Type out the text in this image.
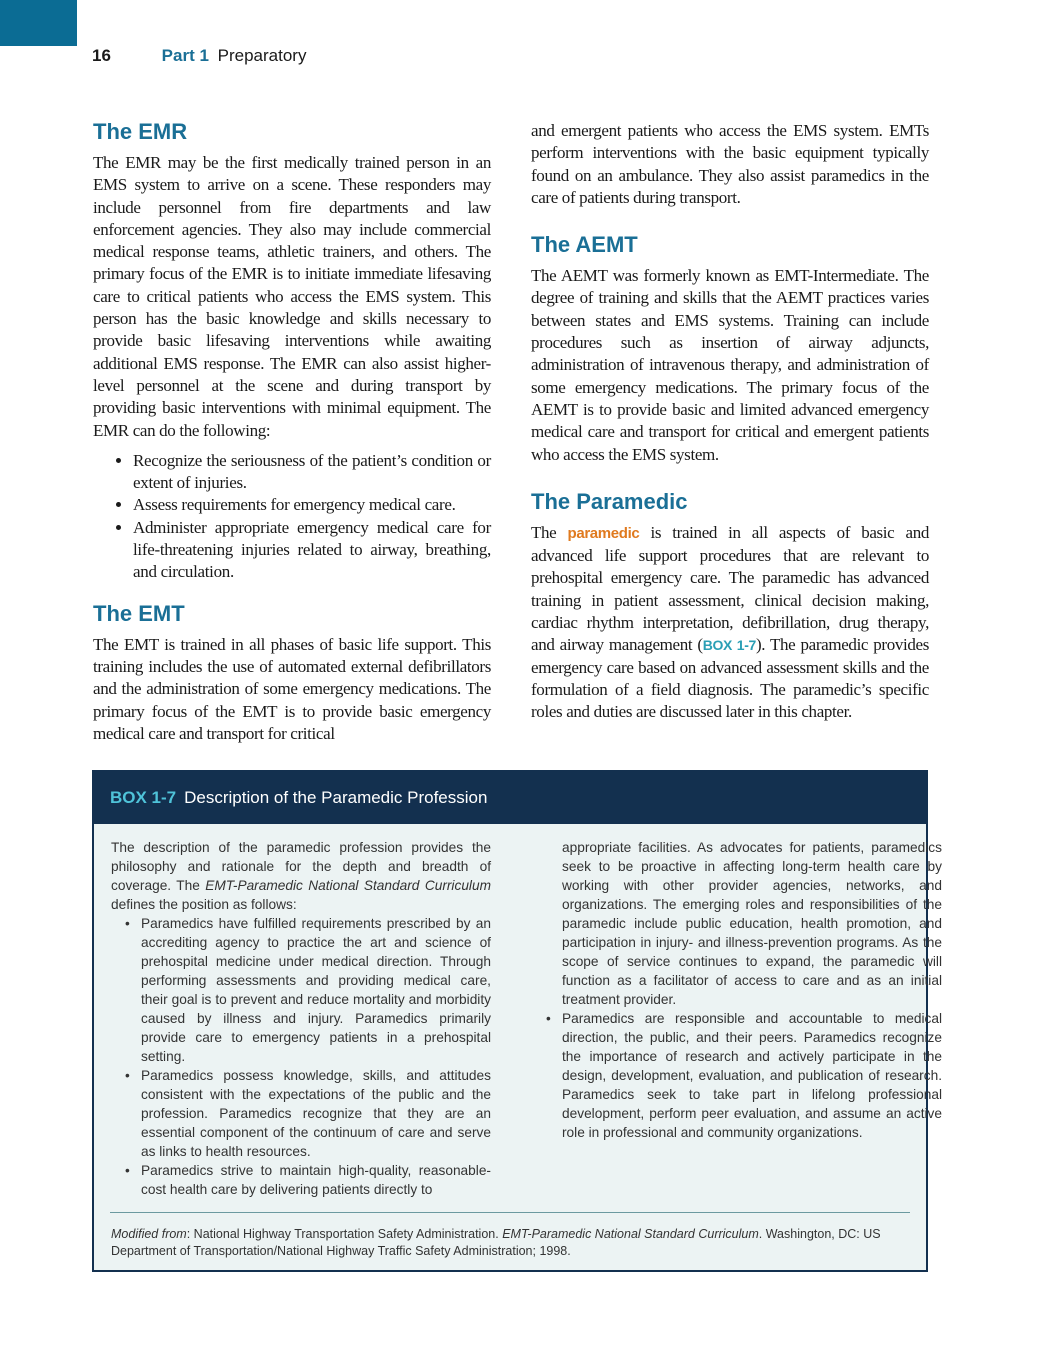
16	Part 1 Preparatory
The EMR

The EMR may be the first medically trained person in an EMS system to arrive on a scene. These responders may include personnel from fire departments and law enforcement agencies. They also may include commercial medical response teams, athletic trainers, and others. The primary focus of the EMR is to initiate immediate lifesaving care to critical patients who access the EMS system. This person has the basic knowledge and skills necessary to provide basic lifesaving interventions while awaiting additional EMS response. The EMR can also assist higher-level personnel at the scene and during transport by providing basic interventions with minimal equipment. The EMR can do the following:

• Recognize the seriousness of the patient’s condition or extent of injuries.
• Assess requirements for emergency medical care.
• Administer appropriate emergency medical care for life-threatening injuries related to airway, breathing, and circulation.
The EMT

The EMT is trained in all phases of basic life support. This training includes the use of automated external defibrillators and the administration of some emergency medications. The primary focus of the EMT is to provide basic emergency medical care and transport for critical

and emergent patients who access the EMS system. EMTs perform interventions with the basic equipment typically found on an ambulance. They also assist paramedics in the care of patients during transport.

The AEMT

The AEMT was formerly known as EMT-Intermediate. The degree of training and skills that the AEMT practices varies between states and EMS systems. Training can include procedures such as insertion of airway adjuncts, administration of intravenous therapy, and administration of some emergency medications. The primary focus of the AEMT is to provide basic and limited advanced emergency medical care and transport for critical and emergent patients who access the EMS system.

The Paramedic

The paramedic is trained in all aspects of basic and advanced life support procedures that are relevant to prehospital emergency care. The paramedic has advanced training in patient assessment, clinical decision making, cardiac rhythm interpretation, defibrillation, drug therapy, and airway management (BOX 1-7). The paramedic provides emergency care based on advanced assessment skills and the formulation of a field diagnosis. The paramedic’s specific roles and duties are discussed later in this chapter.

BOX 1-7 Description of the Paramedic Profession

The description of the paramedic profession provides the philosophy and rationale for the depth and breadth of coverage. The EMT-Paramedic National Standard Curriculum defines the position as follows:

• Paramedics have fulfilled requirements prescribed by an accrediting agency to practice the art and science of prehospital medicine under medical direction. Through performing assessments and providing medical care, their goal is to prevent and reduce mortality and morbidity caused by illness and injury. Paramedics primarily provide care to emergency patients in a prehospital setting.
• Paramedics possess knowledge, skills, and attitudes consistent with the expectations of the public and the profession. Paramedics recognize that they are an essential component of the continuum of care and serve as links to health resources.
• Paramedics strive to maintain high-quality, reasonable-cost health care by delivering patients directly to

appropriate facilities. As advocates for patients, paramedics seek to be proactive in affecting long-term health care by working with other provider agencies, networks, and organizations. The emerging roles and responsibilities of the paramedic include public education, health promotion, and participation in injury- and illness-prevention programs. As the scope of service continues to expand, the paramedic will function as a facilitator of access to care and as an initial treatment provider.

• Paramedics are responsible and accountable to medical direction, the public, and their peers. Paramedics recognize the importance of research and actively participate in the design, development, evaluation, and publication of research. Paramedics seek to take part in lifelong professional development, perform peer evaluation, and assume an active role in professional and community organizations.
Modified from: National Highway Transportation Safety Administration. EMT-Paramedic National Standard Curriculum. Washington, DC: US Department of Transportation/National Highway Traffic Safety Administration; 1998.
